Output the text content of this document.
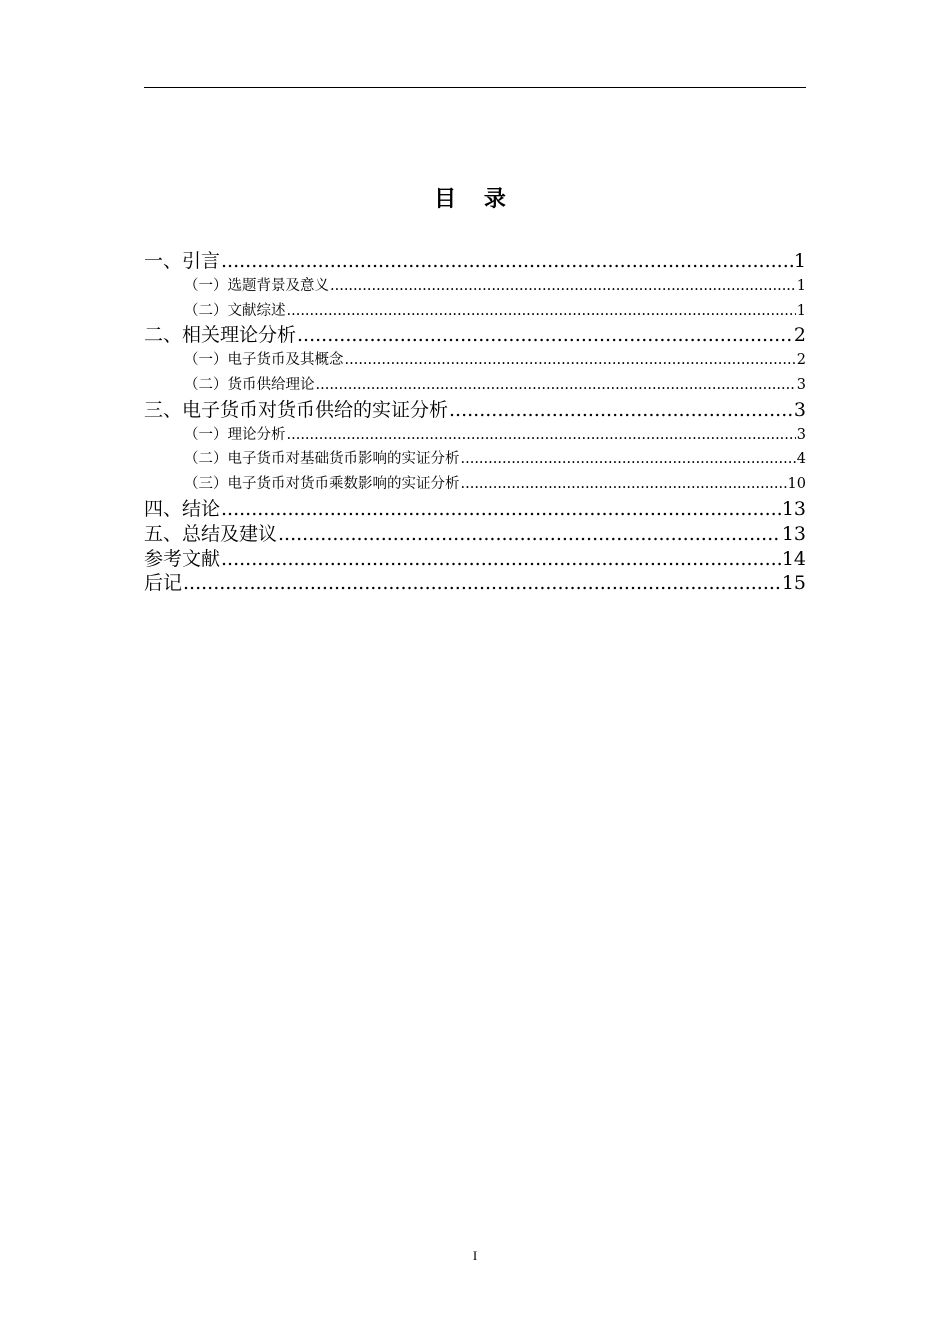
目 录
一、引言 .....	1
（一）选题背景及意义 .....	1
（二）文献综述 .....	1
二、相关理论分析 .....	2
（一）电子货币及其概念 .....	2
（二）货币供给理论 .....	3
三、电子货币对货币供给的实证分析 .....	3
（一）理论分析 .....	3
（二）电子货币对基础货币影响的实证分析 .....	4
（三）电子货币对货币乘数影响的实证分析 .....	10
四、结论 .....	13
五、总结及建议 .....	13
参考文献 .....	14
后记 .....	15
I
